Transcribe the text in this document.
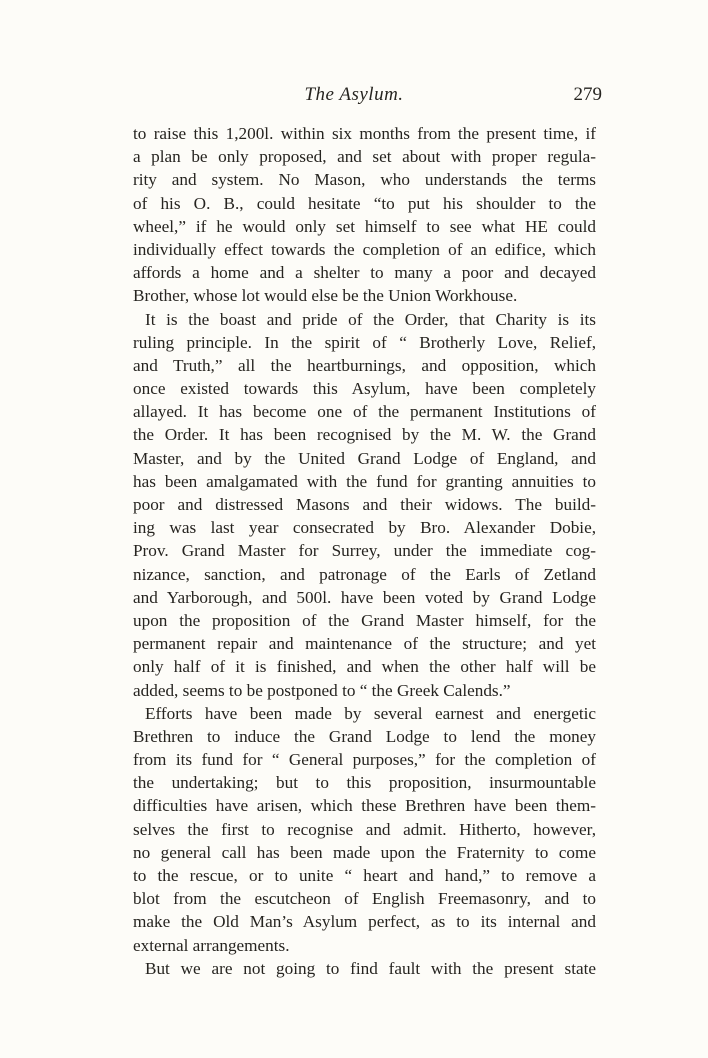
The Asylum.	279
to raise this 1,200l. within six months from the present time, if
a plan be only proposed, and set about with proper regula-
rity and system. No Mason, who understands the terms
of his O. B., could hesitate “to put his shoulder to the
wheel,” if he would only set himself to see what HE could
individually effect towards the completion of an edifice, which
affords a home and a shelter to many a poor and decayed
Brother, whose lot would else be the Union Workhouse.
It is the boast and pride of the Order, that Charity is its
ruling principle. In the spirit of “ Brotherly Love, Relief,
and Truth,” all the heartburnings, and opposition, which
once existed towards this Asylum, have been completely
allayed. It has become one of the permanent Institutions of
the Order. It has been recognised by the M. W. the Grand
Master, and by the United Grand Lodge of England, and
has been amalgamated with the fund for granting annuities to
poor and distressed Masons and their widows. The build-
ing was last year consecrated by Bro. Alexander Dobie,
Prov. Grand Master for Surrey, under the immediate cog-
nizance, sanction, and patronage of the Earls of Zetland
and Yarborough, and 500l. have been voted by Grand Lodge
upon the proposition of the Grand Master himself, for the
permanent repair and maintenance of the structure; and yet
only half of it is finished, and when the other half will be
added, seems to be postponed to “ the Greek Calends.”
Efforts have been made by several earnest and energetic
Brethren to induce the Grand Lodge to lend the money
from its fund for “ General purposes,” for the completion of
the undertaking; but to this proposition, insurmountable
difficulties have arisen, which these Brethren have been them-
selves the first to recognise and admit. Hitherto, however,
no general call has been made upon the Fraternity to come
to the rescue, or to unite “ heart and hand,” to remove a
blot from the escutcheon of English Freemasonry, and to
make the Old Man’s Asylum perfect, as to its internal and
external arrangements.
But we are not going to find fault with the present state
